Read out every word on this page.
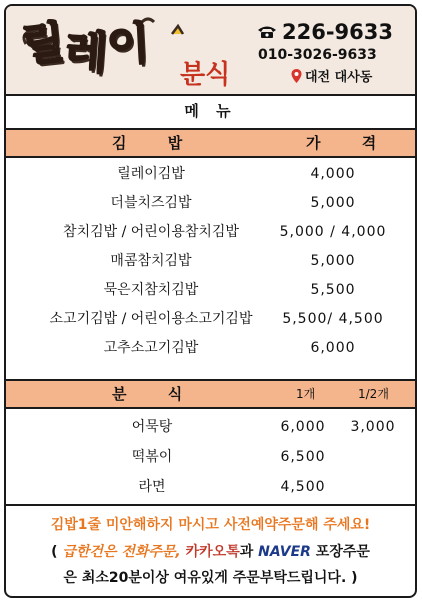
릴레이
분식
226-9633
010-3026-9633
대전 대사동
메 뉴
김 밥	가 격
릴레이김밥	4,000
더블치즈김밥	5,000
참치김밥 / 어린이용참치김밥	5,000 / 4,000
매콤참치김밥	5,000
묵은지참치김밥	5,500
소고기김밥 / 어린이용소고기김밥	5,500/ 4,500
고추소고기김밥	6,000
분 식	1개	1/2개
어묵탕	6,000	3,000
떡볶이	6,500
라면	4,500
김밥1줄 미안해하지 마시고 사전예약주문해 주세요!
( 급한건은 전화주문, 카카오톡과 NAVER 포장주문
은 최소20분이상 여유있게 주문부탁드립니다. )
